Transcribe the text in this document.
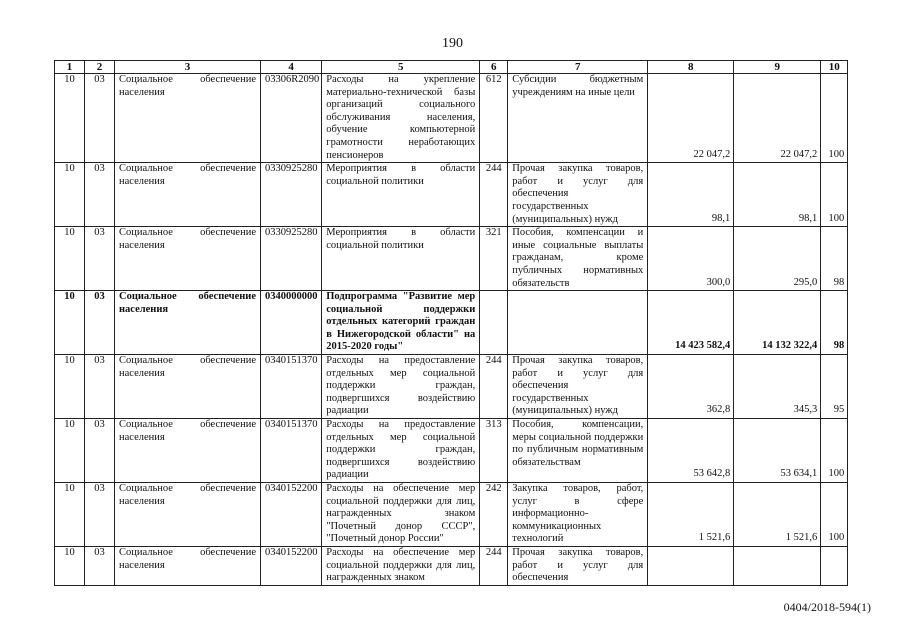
190
1	2	3	4	5	6	7	8	9	10
10	03	Социальное обеспечение населения	03306R2090	Расходы на укрепление материально-технической базы организаций социального обслуживания населения, обучение компьютерной грамотности неработающих пенсионеров	612	Субсидии бюджетным учреждениям на иные цели	22 047,2	22 047,2	100
10	03	Социальное обеспечение населения	0330925280	Мероприятия в области социальной политики	244	Прочая закупка товаров, работ и услуг для обеспечения государственных (муниципальных) нужд	98,1	98,1	100
10	03	Социальное обеспечение населения	0330925280	Мероприятия в области социальной политики	321	Пособия, компенсации и иные социальные выплаты гражданам, кроме публичных нормативных обязательств	300,0	295,0	98
10	03	Социальное обеспечение населения	0340000000	Подпрограмма "Развитие мер социальной поддержки отдельных категорий граждан в Нижегородской области" на 2015-2020 годы"			14 423 582,4	14 132 322,4	98
10	03	Социальное обеспечение населения	0340151370	Расходы на предоставление отдельных мер социальной поддержки граждан, подвергшихся воздействию радиации	244	Прочая закупка товаров, работ и услуг для обеспечения государственных (муниципальных) нужд	362,8	345,3	95
10	03	Социальное обеспечение населения	0340151370	Расходы на предоставление отдельных мер социальной поддержки граждан, подвергшихся воздействию радиации	313	Пособия, компенсации, меры социальной поддержки по публичным нормативным обязательствам	53 642,8	53 634,1	100
10	03	Социальное обеспечение населения	0340152200	Расходы на обеспечение мер социальной поддержки для лиц, награжденных знаком "Почетный донор СССР", "Почетный донор России"	242	Закупка товаров, работ, услуг в сфере информационно-коммуникационных технологий	1 521,6	1 521,6	100
10	03	Социальное обеспечение населения	0340152200	Расходы на обеспечение мер социальной поддержки для лиц, награжденных знаком	244	Прочая закупка товаров, работ и услуг для обеспечения			
0404/2018-594(1)
